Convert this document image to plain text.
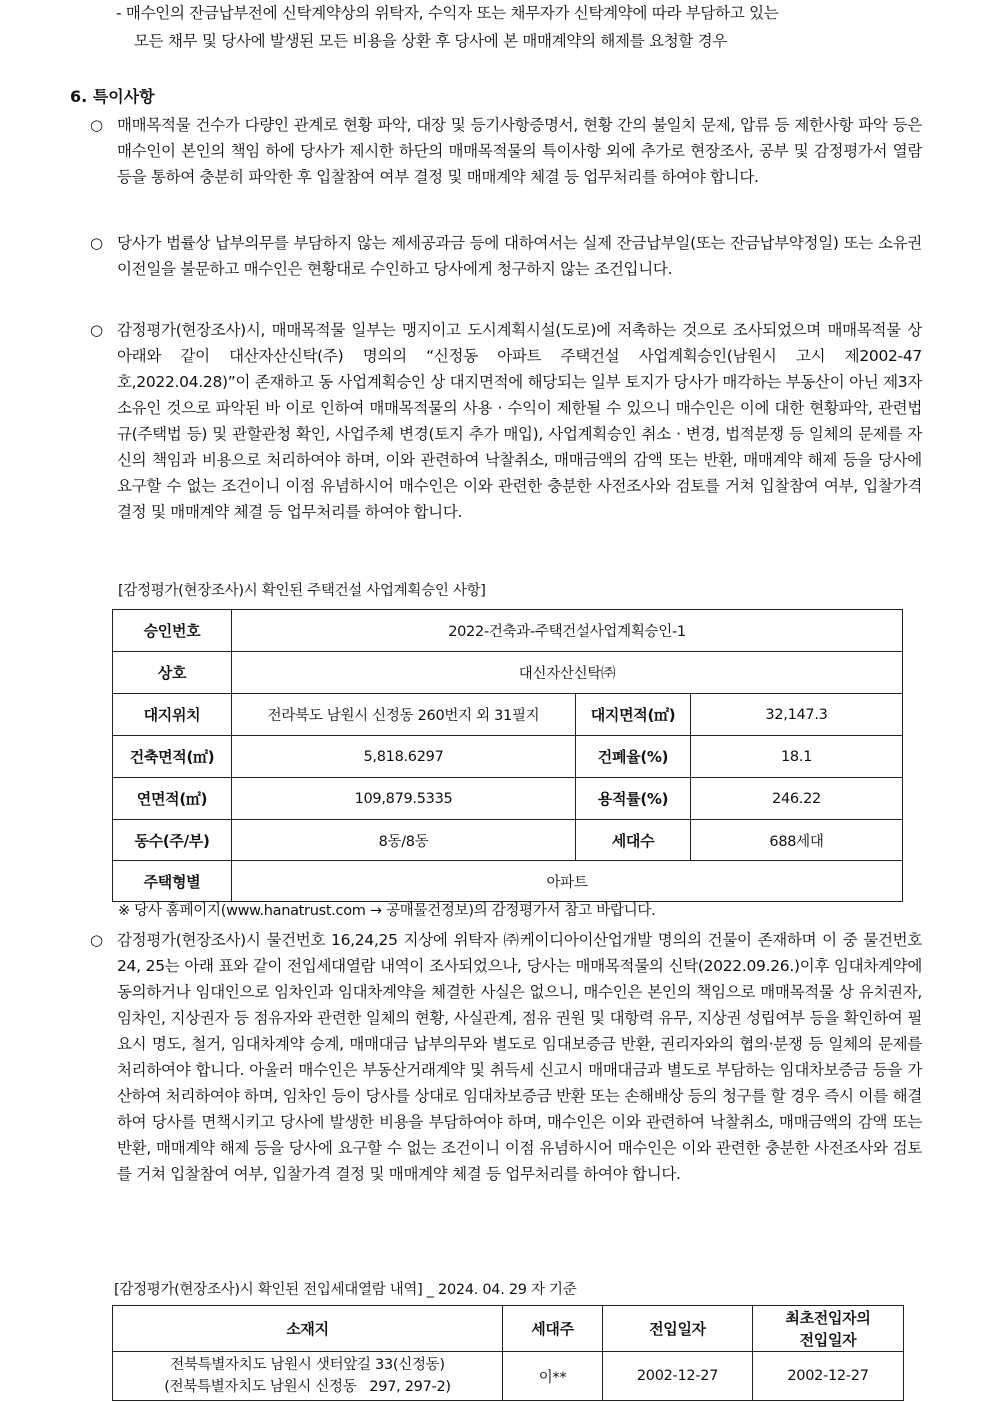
- 매수인의 잔금납부전에 신탁계약상의 위탁자, 수익자 또는 채무자가 신탁계약에 따라 부담하고 있는
모든 채무 및 당사에 발생된 모든 비용을 상환 후 당사에 본 매매계약의 해제를 요청할 경우
6. 특이사항
○ 매매목적물 건수가 다량인 관계로 현황 파악, 대장 및 등기사항증명서, 현황 간의 불일치 문제, 압류 등 제한사항 파악 등은 매수인이 본인의 책임 하에 당사가 제시한 하단의 매매목적물의 특이사항 외에 추가로 현장조사, 공부 및 감정평가서 열람 등을 통하여 충분히 파악한 후 입찰참여 여부 결정 및 매매계약 체결 등 업무처리를 하여야 합니다.

○ 당사가 법률상 납부의무를 부담하지 않는 제세공과금 등에 대하여서는 실제 잔금납부일(또는 잔금납부약정일) 또는 소유권이전일을 불문하고 매수인은 현황대로 수인하고 당사에게 청구하지 않는 조건입니다.

○ 감정평가(현장조사)시, 매매목적물 일부는 맹지이고 도시계획시설(도로)에 저촉하는 것으로 조사되었으며 매매목적물 상 아래와 같이 대산자산신탁(주) 명의의 “신정동 아파트 주택건설 사업계획승인(남원시 고시 제2002-47호,2022.04.28)”이 존재하고 동 사업계획승인 상 대지면적에 해당되는 일부 토지가 당사가 매각하는 부동산이 아닌 제3자 소유인 것으로 파악된 바 이로 인하여 매매목적물의 사용 · 수익이 제한될 수 있으니 매수인은 이에 대한 현황파악, 관련법규(주택법 등) 및 관할관청 확인, 사업주체 변경(토지 추가 매입), 사업계획승인 취소 · 변경, 법적분쟁 등 일체의 문제를 자신의 책임과 비용으로 처리하여야 하며, 이와 관련하여 낙찰취소, 매매금액의 감액 또는 반환, 매매계약 해제 등을 당사에 요구할 수 없는 조건이니 이점 유념하시어 매수인은 이와 관련한 충분한 사전조사와 검토를 거쳐 입찰참여 여부, 입찰가격 결정 및 매매계약 체결 등 업무처리를 하여야 합니다.

[감정평가(현장조사)시 확인된 주택건설 사업계획승인 사항]
승인번호	2022-건축과-주택건설사업계획승인-1		
상호	대신자산신탁㈜		
대지위치	전라북도 남원시 신정동 260번지 외 31필지	대지면적(㎡)	32,147.3
건축면적(㎡)	5,818.6297	건폐율(%)	18.1
연면적(㎡)	109,879.5335	용적률(%)	246.22
동수(주/부)	8동/8동	세대수	688세대
주택형별	아파트		
※ 당사 홈페이지(www.hanatrust.com → 공매물건정보)의 감정평가서 참고 바랍니다.
○ 감정평가(현장조사)시 물건번호 16,24,25 지상에 위탁자 ㈜케이디아이산업개발 명의의 건물이 존재하며 이 중 물건번호 24, 25는 아래 표와 같이 전입세대열람 내역이 조사되었으나, 당사는 매매목적물의 신탁(2022.09.26.)이후 임대차계약에 동의하거나 임대인으로 임차인과 임대차계약을 체결한 사실은 없으니, 매수인은 본인의 책임으로 매매목적물 상 유치권자, 임차인, 지상권자 등 점유자와 관련한 일체의 현황, 사실관계, 점유 권원 및 대항력 유무, 지상권 성립여부 등을 확인하여 필요시 명도, 철거, 임대차계약 승계, 매매대금 납부의무와 별도로 임대보증금 반환, 권리자와의 협의·분쟁 등 일체의 문제를 처리하여야 합니다. 아울러 매수인은 부동산거래계약 및 취득세 신고시 매매대금과 별도로 부담하는 임대차보증금 등을 가산하여 처리하여야 하며, 임차인 등이 당사를 상대로 임대차보증금 반환 또는 손해배상 등의 청구를 할 경우 즉시 이를 해결하여 당사를 면책시키고 당사에 발생한 비용을 부담하여야 하며, 매수인은 이와 관련하여 낙찰취소, 매매금액의 감액 또는 반환, 매매계약 해제 등을 당사에 요구할 수 없는 조건이니 이점 유념하시어 매수인은 이와 관련한 충분한 사전조사와 검토를 거쳐 입찰참여 여부, 입찰가격 결정 및 매매계약 체결 등 업무처리를 하여야 합니다.

[감정평가(현장조사)시 확인된 전입세대열람 내역] _ 2024. 04. 29 자 기준
소재지	세대주	전입일자	최초전입자의
전입일자
전북특별자치도 남원시 샛터앞길 33(신정동)
(전북특별자치도 남원시 신정동   297, 297-2)	이**	2002-12-27	2002-12-27
